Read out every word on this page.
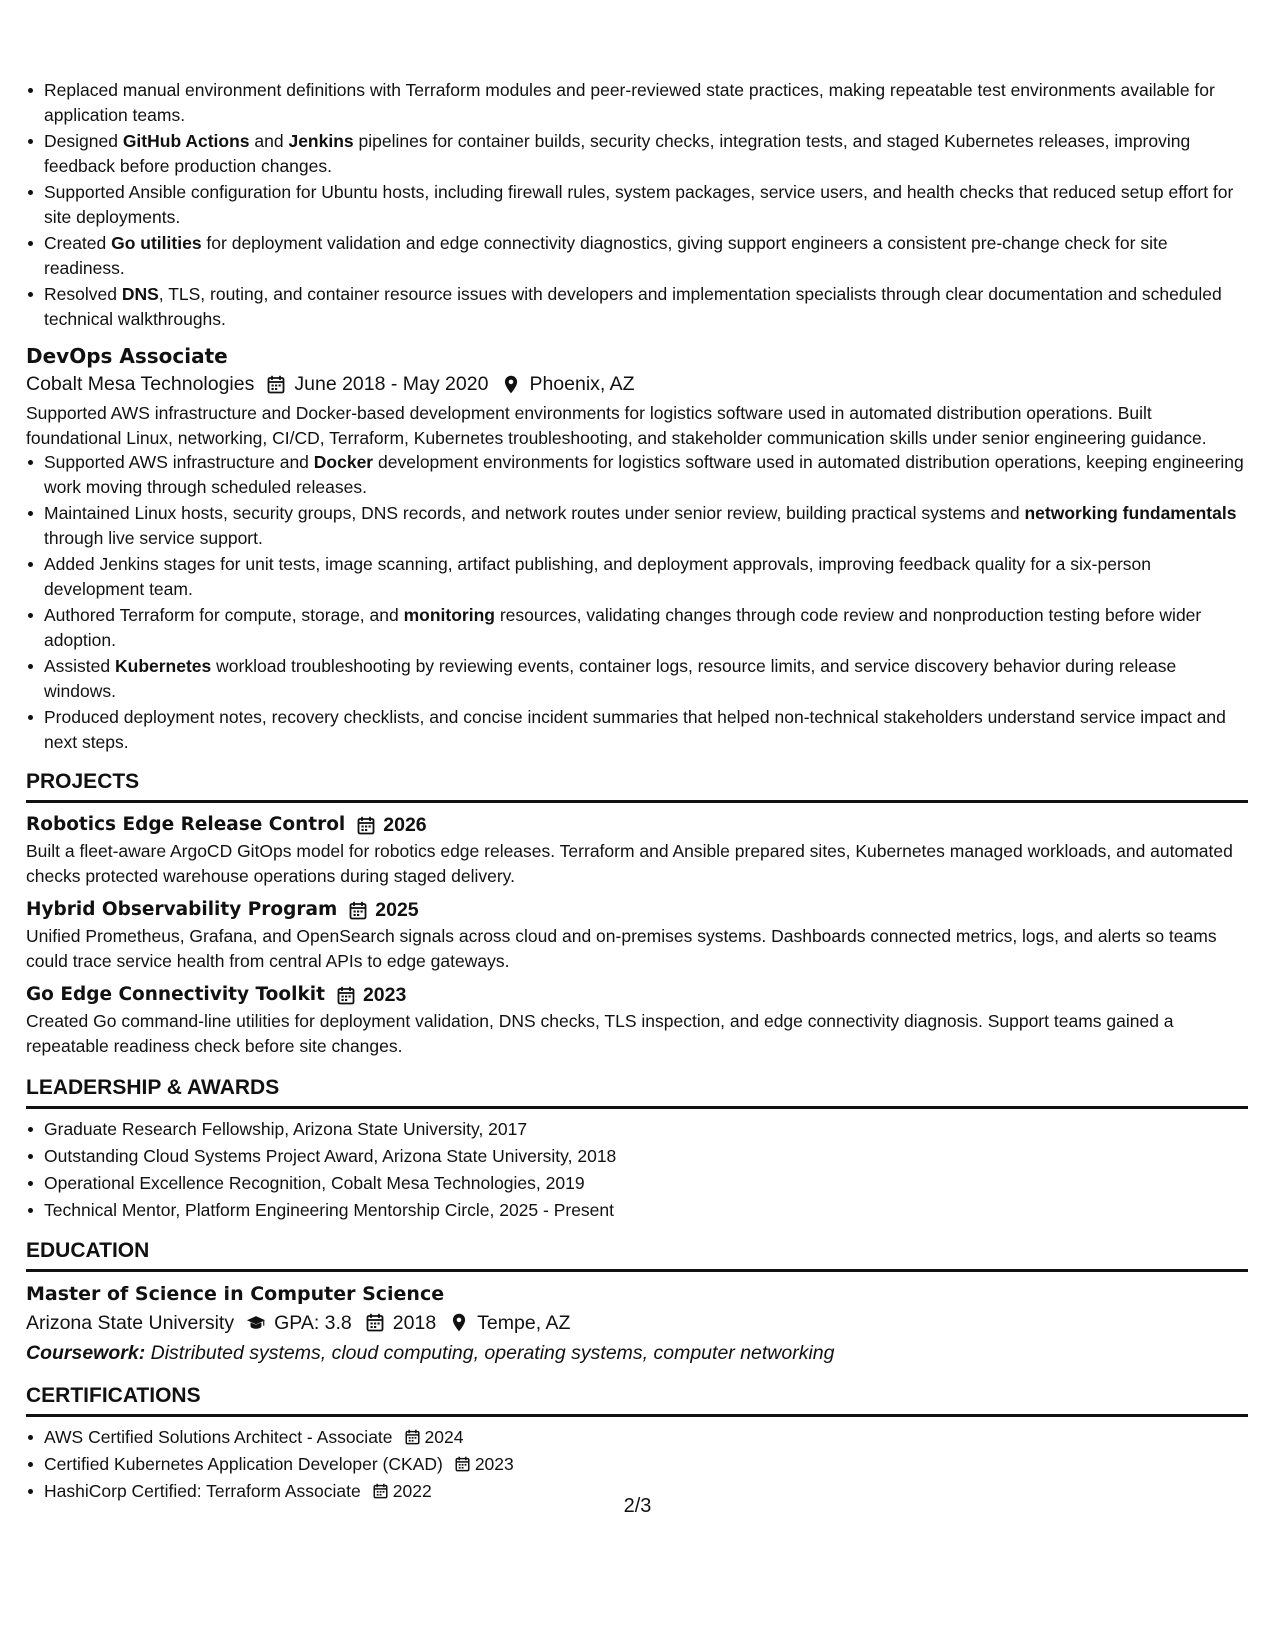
Replaced manual environment definitions with Terraform modules and peer-reviewed state practices, making repeatable test environments available for application teams.
Designed GitHub Actions and Jenkins pipelines for container builds, security checks, integration tests, and staged Kubernetes releases, improving feedback before production changes.
Supported Ansible configuration for Ubuntu hosts, including firewall rules, system packages, service users, and health checks that reduced setup effort for site deployments.
Created Go utilities for deployment validation and edge connectivity diagnostics, giving support engineers a consistent pre-change check for site readiness.
Resolved DNS, TLS, routing, and container resource issues with developers and implementation specialists through clear documentation and scheduled technical walkthroughs.
DevOps Associate
Cobalt Mesa Technologies June 2018 - May 2020 Phoenix, AZ
Supported AWS infrastructure and Docker-based development environments for logistics software used in automated distribution operations. Built foundational Linux, networking, CI/CD, Terraform, Kubernetes troubleshooting, and stakeholder communication skills under senior engineering guidance.
Supported AWS infrastructure and Docker development environments for logistics software used in automated distribution operations, keeping engineering work moving through scheduled releases.
Maintained Linux hosts, security groups, DNS records, and network routes under senior review, building practical systems and networking fundamentals through live service support.
Added Jenkins stages for unit tests, image scanning, artifact publishing, and deployment approvals, improving feedback quality for a six-person development team.
Authored Terraform for compute, storage, and monitoring resources, validating changes through code review and nonproduction testing before wider adoption.
Assisted Kubernetes workload troubleshooting by reviewing events, container logs, resource limits, and service discovery behavior during release windows.
Produced deployment notes, recovery checklists, and concise incident summaries that helped non-technical stakeholders understand service impact and next steps.
PROJECTS
Robotics Edge Release Control 2026
Built a fleet-aware ArgoCD GitOps model for robotics edge releases. Terraform and Ansible prepared sites, Kubernetes managed workloads, and automated checks protected warehouse operations during staged delivery.
Hybrid Observability Program 2025
Unified Prometheus, Grafana, and OpenSearch signals across cloud and on-premises systems. Dashboards connected metrics, logs, and alerts so teams could trace service health from central APIs to edge gateways.
Go Edge Connectivity Toolkit 2023
Created Go command-line utilities for deployment validation, DNS checks, TLS inspection, and edge connectivity diagnosis. Support teams gained a repeatable readiness check before site changes.
LEADERSHIP & AWARDS
Graduate Research Fellowship, Arizona State University, 2017
Outstanding Cloud Systems Project Award, Arizona State University, 2018
Operational Excellence Recognition, Cobalt Mesa Technologies, 2019
Technical Mentor, Platform Engineering Mentorship Circle, 2025 - Present
EDUCATION
Master of Science in Computer Science
Arizona State University GPA: 3.8 2018 Tempe, AZ
Coursework: Distributed systems, cloud computing, operating systems, computer networking
CERTIFICATIONS
AWS Certified Solutions Architect - Associate 2024
Certified Kubernetes Application Developer (CKAD) 2023
HashiCorp Certified: Terraform Associate 2022
2/3
